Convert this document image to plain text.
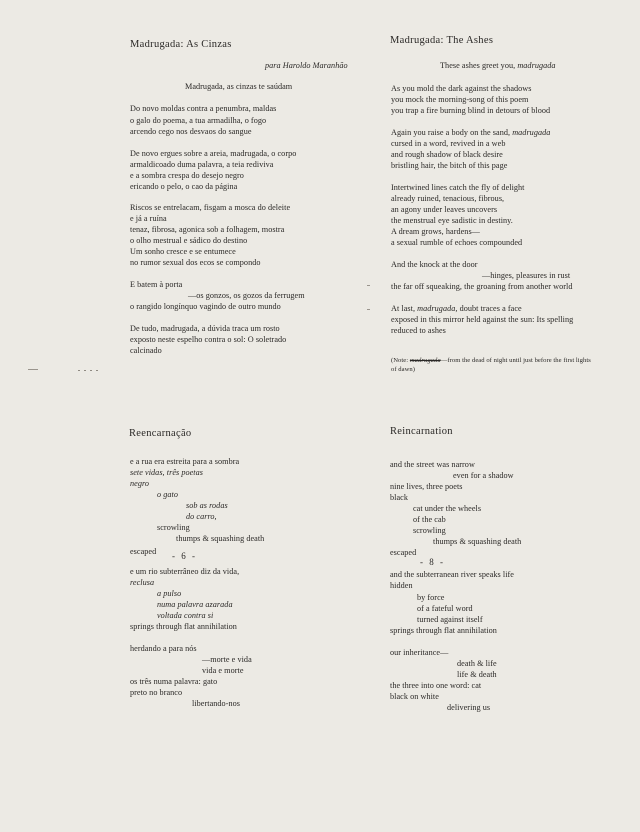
Madrugada: As Cinzas
para Haroldo Maranhão
Madrugada, as cinzas te saúdam
Do novo moldas contra a penumbra, maldas
o galo do poema, a tua armadilha, o fogo
arcendo cego nos desvaos do sangue
De novo ergues sobre a areia, madrugada, o corpo
armaldicoado duma palavra, a teia rediviva
e a sombra crespa do desejo negro
ericando o pelo, o cao da página
Riscos se entrelacam, fisgam a mosca do deleite
e já a ruína
tenaz, fibrosa, agonica sob a folhagem, mostra
o olho mestrual e sádico do destino
Um sonho cresce e se entumece
no rumor sexual dos ecos se compondo
E batem à porta
—os gonzos, os gozos da ferrugem
o rangido longínquo vagindo de outro mundo
De tudo, madrugada, a dúvida traca um rosto
exposto neste espelho contra o sol: O soletrado
calcinado
Madrugada: The Ashes
These ashes greet you, madrugada
As you mold the dark against the shadows
you mock the morning-song of this poem
you trap a fire burning blind in detours of blood
Again you raise a body on the sand, madrugada
cursed in a word, revived in a web
and rough shadow of black desire
bristling hair, the bitch of this page
Intertwined lines catch the fly of delight
already ruined, tenacious, fibrous,
an agony under leaves uncovers
the menstrual eye sadistic in destiny.
A dream grows, hardens—
a sexual rumble of echoes compounded
And the knock at the door
—hinges, pleasures in rust
the far off squeaking, the groaning from another world
At last, madrugada, doubt traces a face
exposed in this mirror held against the sun: Its spelling
reduced to ashes
(Note: madrugada—from the dead of night until just before the first lights
of dawn)
Reencarnação
e a rua era estreita para a sombra
sete vidas, três poetas
negro
o gato
sob as rodas
do carro,
scrowling
thumps & squashing death
escaped - 6 -
e um rio subterrâneo diz da vida,
reclusa
a pulso
numa palavra azarada
voltada contra si
springs through flat annihilation
herdando a para nós
—morte e vida
vida e morte
os três numa palavra: gato
preto no branco
libertando-nos
Reincarnation
and the street was narrow
even for a shadow
nine lives, three poets
black
cat under the wheels
of the cab
scrowling
thumps & squashing death
escaped
- 8 -
and the subterranean river speaks life
hidden
by force
of a fateful word
turned against itself
springs through flat annihilation
our inheritance—
death & life
life & death
the three into one word: cat
black on white
delivering us
